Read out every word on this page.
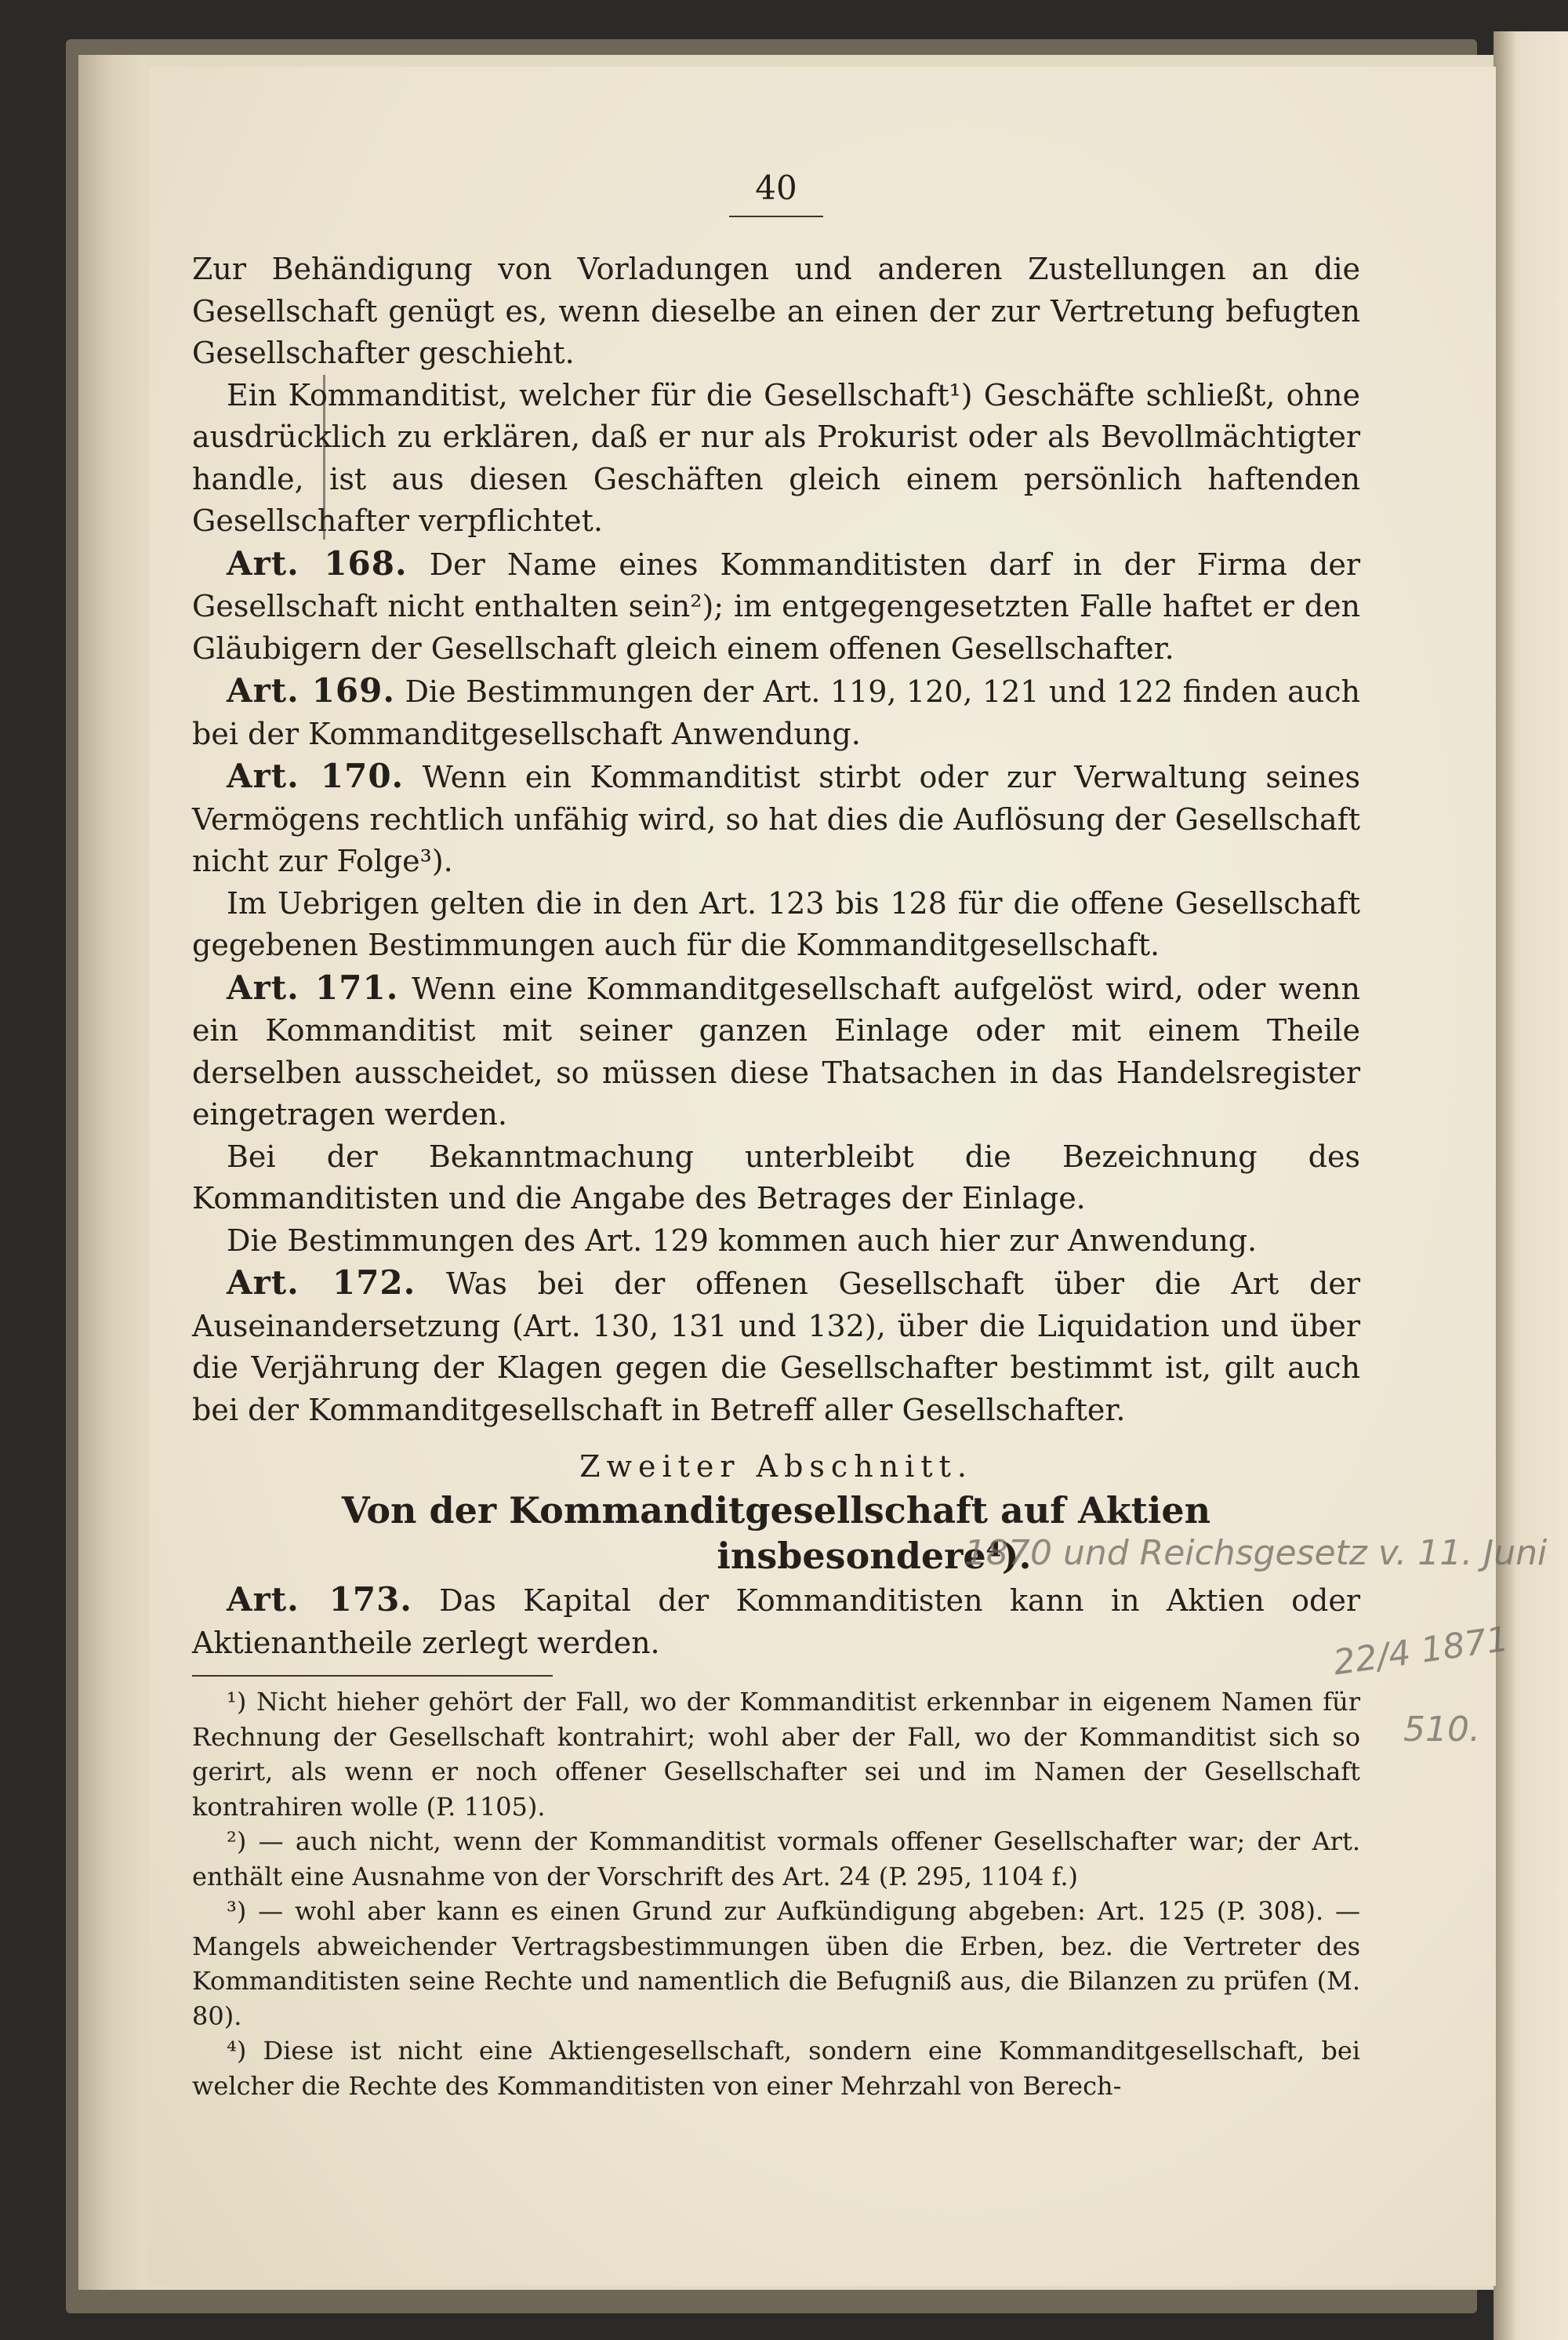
40

Zur Behändigung von Vorladungen und anderen Zustellungen an die Gesellschaft genügt es, wenn dieselbe an einen der zur Vertretung befugten Gesellschafter geschieht.

Ein Kommanditist, welcher für die Gesellschaft¹) Geschäfte schließt, ohne ausdrücklich zu erklären, daß er nur als Prokurist oder als Bevollmächtigter handle, ist aus diesen Geschäften gleich einem persönlich haftenden Gesellschafter verpflichtet.

Art. 168. Der Name eines Kommanditisten darf in der Firma der Gesellschaft nicht enthalten sein²); im entgegengesetzten Falle haftet er den Gläubigern der Gesellschaft gleich einem offenen Gesellschafter.

Art. 169. Die Bestimmungen der Art. 119, 120, 121 und 122 finden auch bei der Kommanditgesellschaft Anwendung.

Art. 170. Wenn ein Kommanditist stirbt oder zur Verwaltung seines Vermögens rechtlich unfähig wird, so hat dies die Auflösung der Gesellschaft nicht zur Folge³).

Im Uebrigen gelten die in den Art. 123 bis 128 für die offene Gesellschaft gegebenen Bestimmungen auch für die Kommanditgesellschaft.

Art. 171. Wenn eine Kommanditgesellschaft aufgelöst wird, oder wenn ein Kommanditist mit seiner ganzen Einlage oder mit einem Theile derselben ausscheidet, so müssen diese Thatsachen in das Handelsregister eingetragen werden.

Bei der Bekanntmachung unterbleibt die Bezeichnung des Kommanditisten und die Angabe des Betrages der Einlage.

Die Bestimmungen des Art. 129 kommen auch hier zur Anwendung.

Art. 172. Was bei der offenen Gesellschaft über die Art der Auseinandersetzung (Art. 130, 131 und 132), über die Liquidation und über die Verjährung der Klagen gegen die Gesellschafter bestimmt ist, gilt auch bei der Kommanditgesellschaft in Betreff aller Gesellschafter.

Zweiter Abschnitt.
Von der Kommanditgesellschaft auf Aktien
insbesondere⁴).

Art. 173. Das Kapital der Kommanditisten kann in Aktien oder Aktienantheile zerlegt werden.

¹) Nicht hieher gehört der Fall, wo der Kommanditist erkennbar in eigenem Namen für Rechnung der Gesellschaft kontrahirt; wohl aber der Fall, wo der Kommanditist sich so gerirt, als wenn er noch offener Gesellschafter sei und im Namen der Gesellschaft kontrahiren wolle (P. 1105).

²) — auch nicht, wenn der Kommanditist vormals offener Gesellschafter war; der Art. enthält eine Ausnahme von der Vorschrift des Art. 24 (P. 295, 1104 f.)

³) — wohl aber kann es einen Grund zur Aufkündigung abgeben: Art. 125 (P. 308). — Mangels abweichender Vertragsbestimmungen üben die Erben, bez. die Vertreter des Kommanditisten seine Rechte und namentlich die Befugniß aus, die Bilanzen zu prüfen (M. 80).

⁴) Diese ist nicht eine Aktiengesellschaft, sondern eine Kommanditgesellschaft, bei welcher die Rechte des Kommanditisten von einer Mehrzahl von Berech-

1870 und Reichsgesetz v. 11. Juni
22/4 1871
510.
